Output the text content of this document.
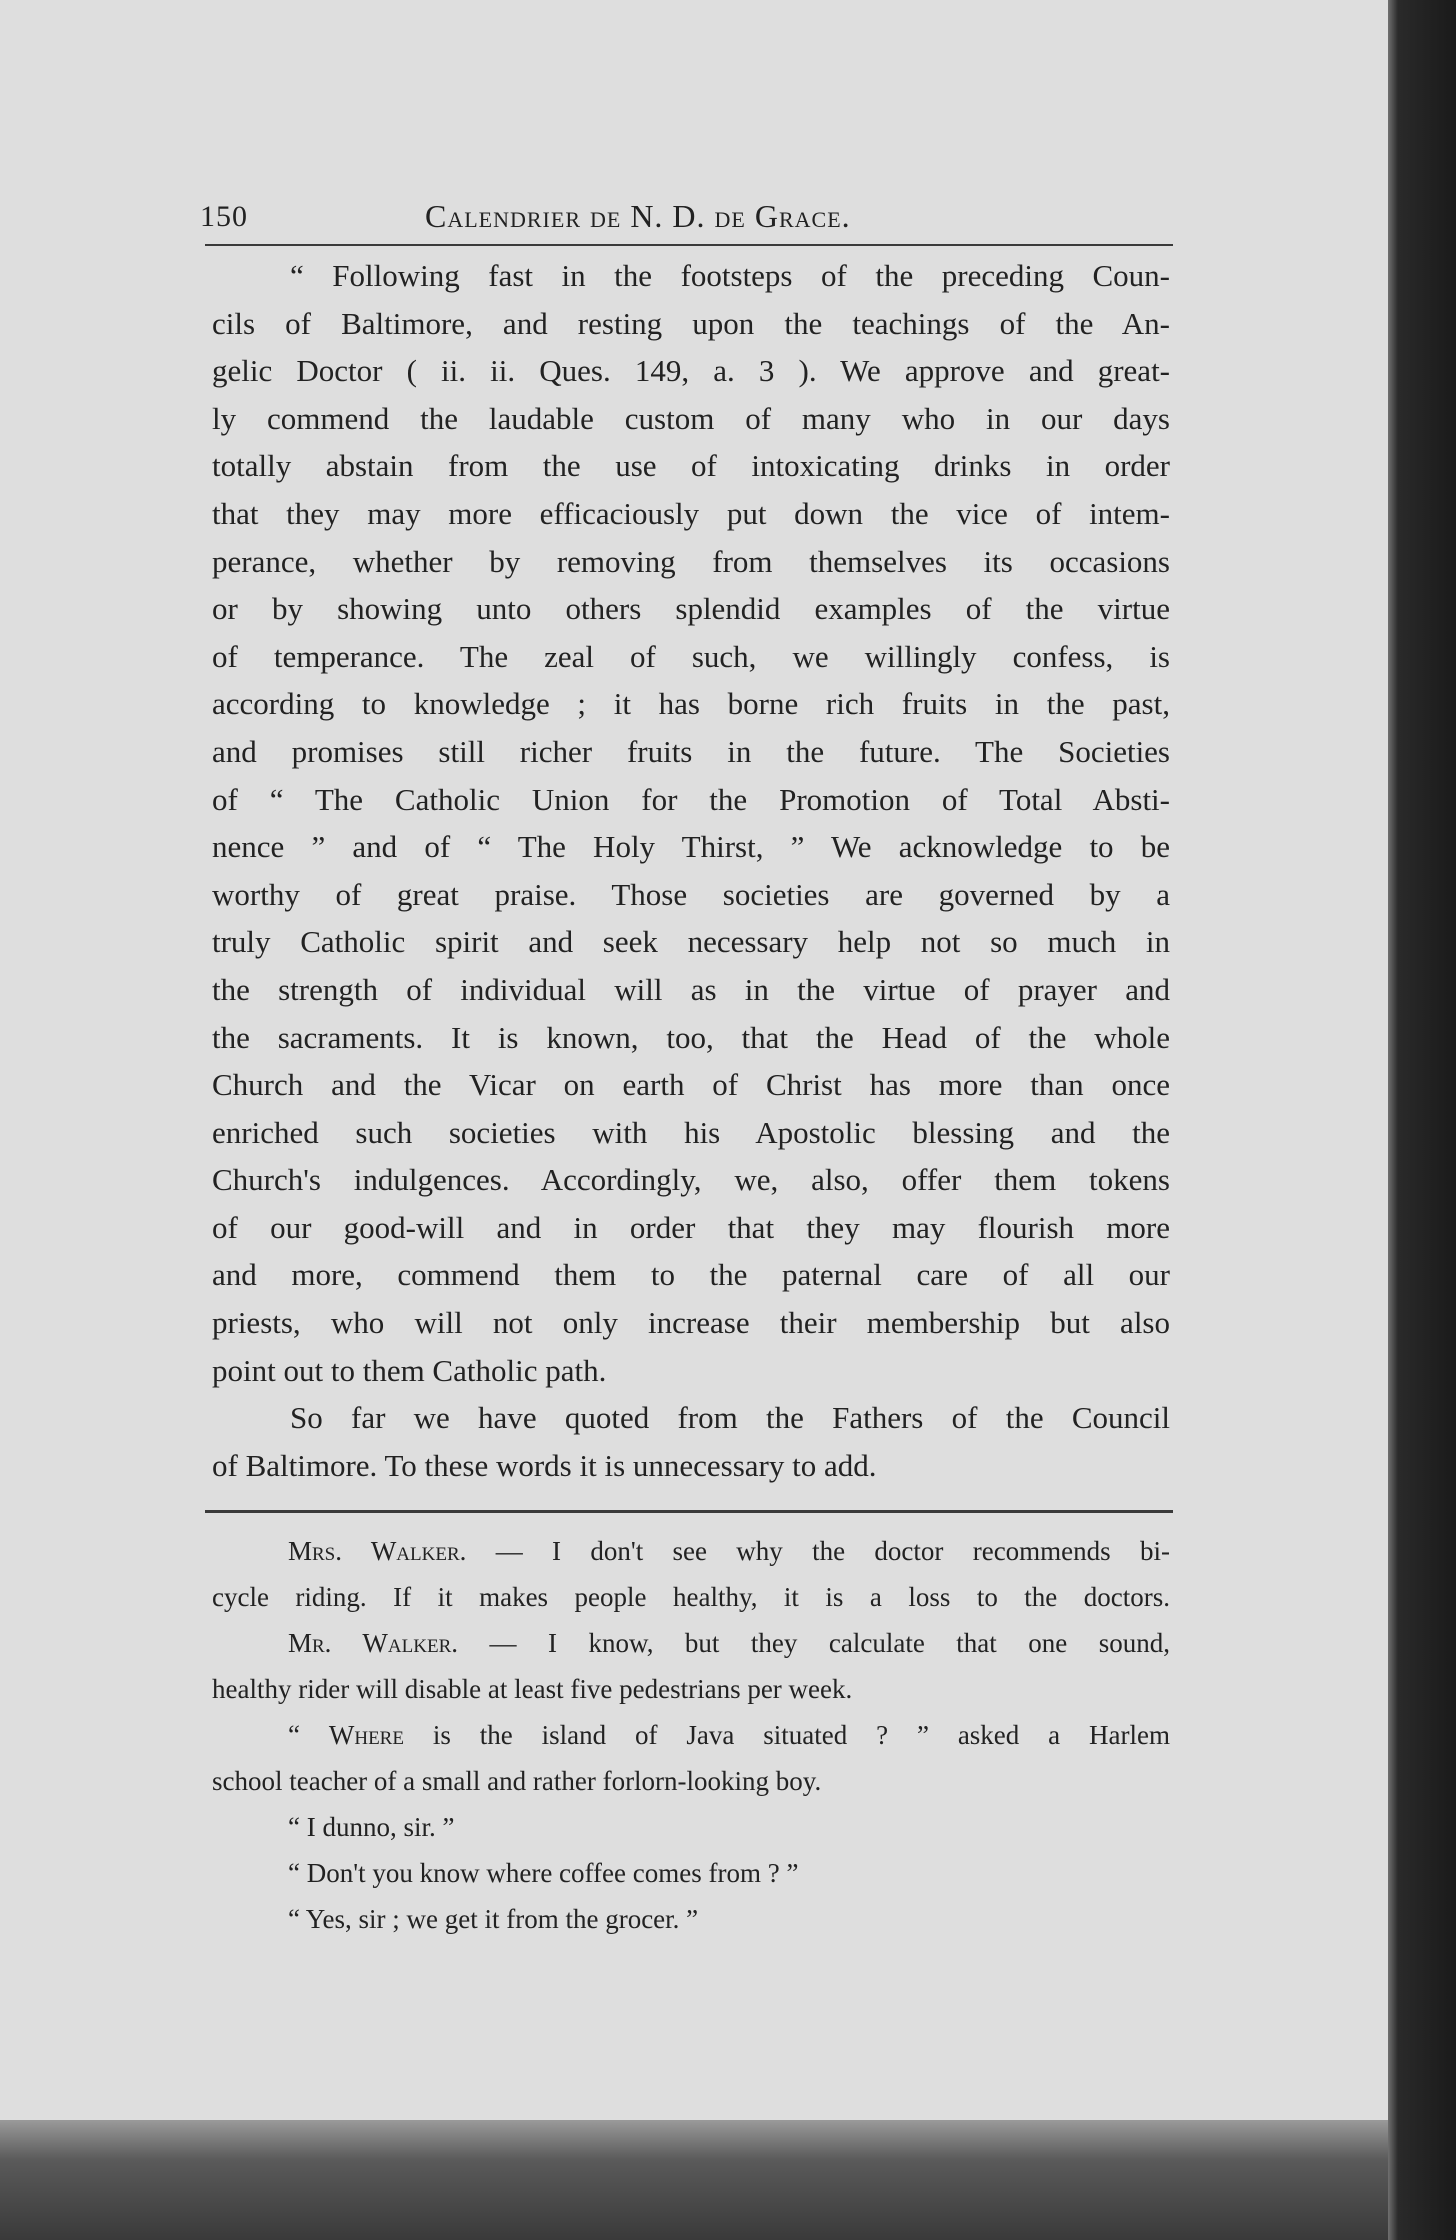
150	Calendrier de N. D. de Grace.

“ Following fast in the footsteps of the preceding Coun-
cils of Baltimore, and resting upon the teachings of the An-
gelic Doctor ( ii. ii. Ques. 149, a. 3 ). We approve and great-
ly commend the laudable custom of many who in our days
totally abstain from the use of intoxicating drinks in order
that they may more efficaciously put down the vice of intem-
perance, whether by removing from themselves its occasions
or by showing unto others splendid examples of the virtue
of temperance. The zeal of such, we willingly confess, is
according to knowledge ; it has borne rich fruits in the past,
and promises still richer fruits in the future. The Societies
of “ The Catholic Union for the Promotion of Total Absti-
nence ” and of “ The Holy Thirst, ” We acknowledge to be
worthy of great praise. Those societies are governed by a
truly Catholic spirit and seek necessary help not so much in
the strength of individual will as in the virtue of prayer and
the sacraments. It is known, too, that the Head of the whole
Church and the Vicar on earth of Christ has more than once
enriched such societies with his Apostolic blessing and the
Church's indulgences. Accordingly, we, also, offer them tokens
of our good-will and in order that they may flourish more
and more, commend them to the paternal care of all our
priests, who will not only increase their membership but also
point out to them Catholic path.

So far we have quoted from the Fathers of the Council
of Baltimore. To these words it is unnecessary to add.

Mrs. Walker. — I don't see why the doctor recommends bi-
cycle riding. If it makes people healthy, it is a loss to the doctors.
Mr. Walker. — I know, but they calculate that one sound,
healthy rider will disable at least five pedestrians per week.

“ Where is the island of Java situated ? ” asked a Harlem
school teacher of a small and rather forlorn-looking boy.
“ I dunno, sir. ”
“ Don't you know where coffee comes from ? ”
“ Yes, sir ; we get it from the grocer. ”
